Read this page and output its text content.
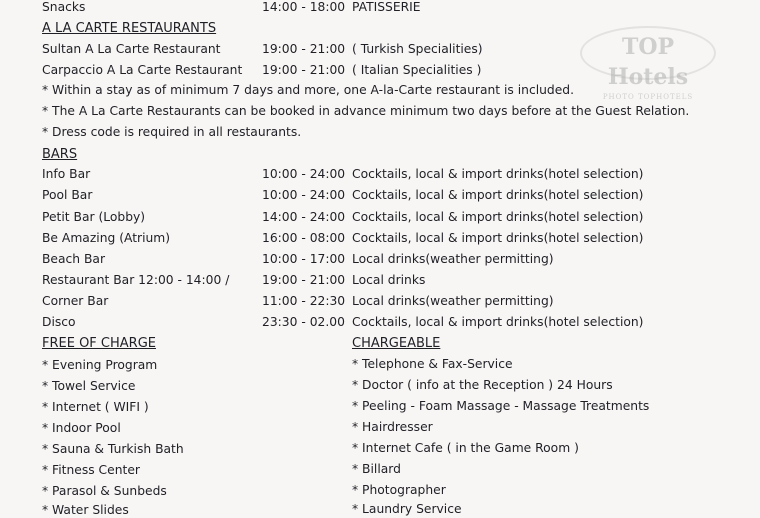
TOP Hotels
PHOTO TOPHOTELS
Snacks	14:00 - 18:00 PATISSERIE
A LA CARTE RESTAURANTS
Sultan A La Carte Restaurant	19:00 - 21:00 ( Turkish Specialities)
Carpaccio A La Carte Restaurant 19:00 - 21:00 ( Italian Specialities )
* Within a stay as of minimum 7 days and more, one A-la-Carte restaurant is included.
* The A La Carte Restaurants can be booked in advance minimum two days before at the Guest Relation.
* Dress code is required in all restaurants.
BARS
Info Bar	10:00 - 24:00 Cocktails, local & import drinks(hotel selection)
Pool Bar	10:00 - 24:00 Cocktails, local & import drinks(hotel selection)
Petit Bar (Lobby)	14:00 - 24:00 Cocktails, local & import drinks(hotel selection)
Be Amazing (Atrium)	16:00 - 08:00 Cocktails, local & import drinks(hotel selection)
Beach Bar	10:00 - 17:00 Local drinks(weather permitting)
Restaurant Bar 12:00 - 14:00 /	19:00 - 21:00 Local drinks
Corner Bar	11:00 - 22:30 Local drinks(weather permitting)
Disco	23:30 - 02.00 Cocktails, local & import drinks(hotel selection)
FREE OF CHARGE
* Evening Program
* Towel Service
* Internet ( WIFI )
* Indoor Pool
* Sauna & Turkish Bath
* Fitness Center
* Parasol & Sunbeds
* Water Slides
CHARGEABLE
* Telephone & Fax-Service
* Doctor ( info at the Reception ) 24 Hours
* Peeling - Foam Massage - Massage Treatments
* Hairdresser
* Internet Cafe ( in the Game Room )
* Billard
* Photographer
* Laundry Service
